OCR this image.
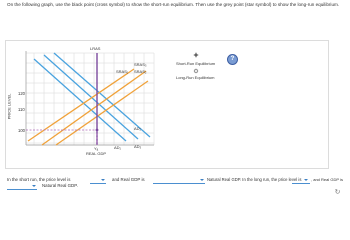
On the following graph, use the black point (cross symbol) to show the short-run equilibrium. Then use the grey point (star symbol) to show the long-run equilibrium.

?
LRAS
SRAS₁ SRAS₂
SRAS₃
AD₁
AD₂
AD₃
PRICE LEVEL
120
110
100
Yₐ
REAL GDP
Short-Run Equilibrium
Long-Run Equilibrium
In the short run, the price level is	and Real GDP is	Natural Real GDP. In the long run, the price level is , and Real GDP is
Natural Real GDP.
↻
